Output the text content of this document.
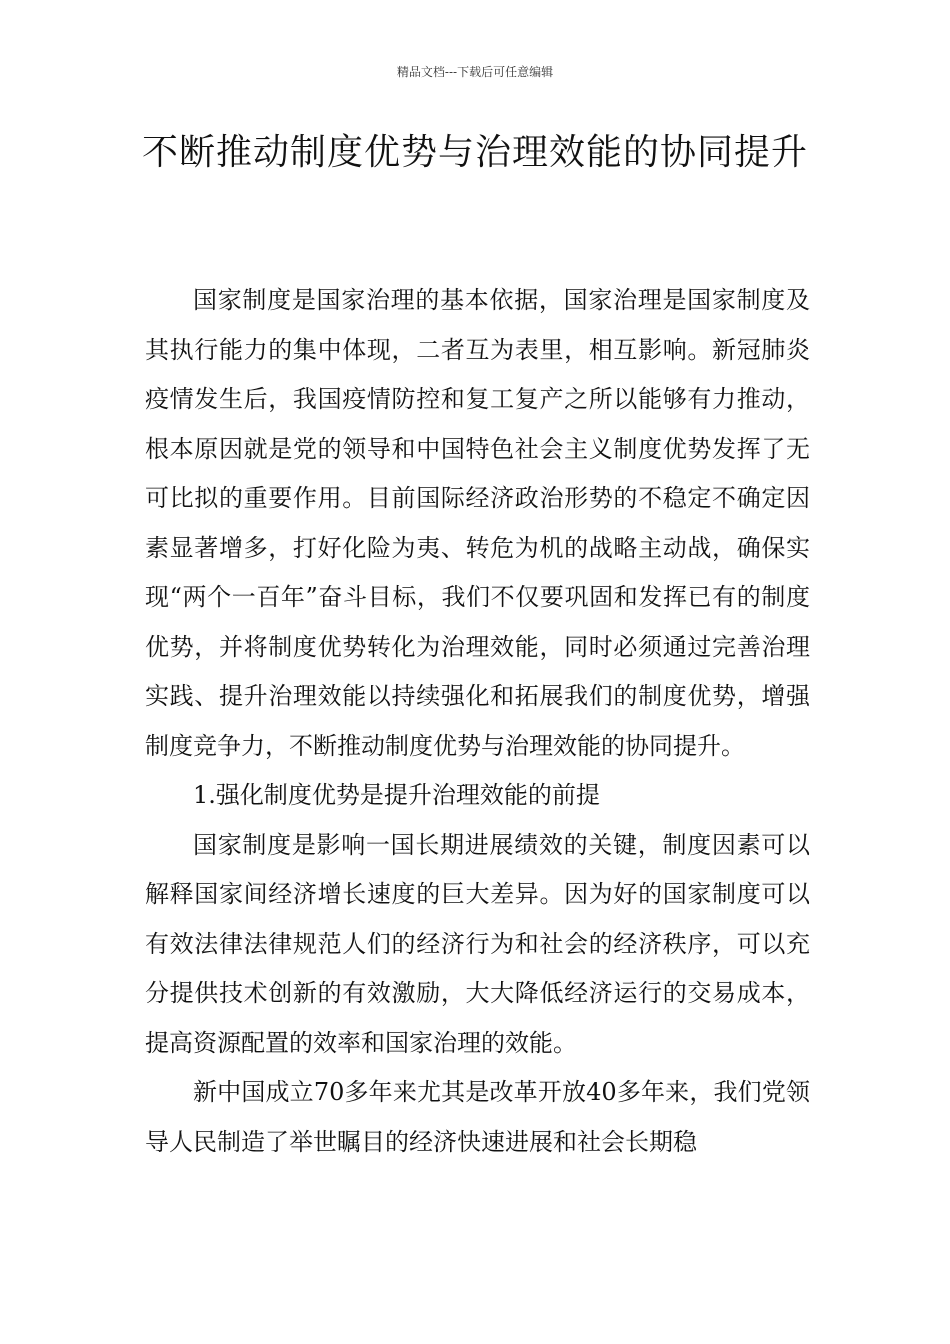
精品文档---下载后可任意编辑
不断推动制度优势与治理效能的协同提升

国家制度是国家治理的基本依据，国家治理是国家制度及其执行能力的集中体现，二者互为表里，相互影响。新冠肺炎疫情发生后，我国疫情防控和复工复产之所以能够有力推动，根本原因就是党的领导和中国特色社会主义制度优势发挥了无可比拟的重要作用。目前国际经济政治形势的不稳定不确定因素显著增多，打好化险为夷、转危为机的战略主动战，确保实现“两个一百年”奋斗目标，我们不仅要巩固和发挥已有的制度优势，并将制度优势转化为治理效能，同时必须通过完善治理实践、提升治理效能以持续强化和拓展我们的制度优势，增强制度竞争力，不断推动制度优势与治理效能的协同提升。

1.强化制度优势是提升治理效能的前提

国家制度是影响一国长期进展绩效的关键，制度因素可以解释国家间经济增长速度的巨大差异。因为好的国家制度可以有效法律法律规范人们的经济行为和社会的经济秩序，可以充分提供技术创新的有效激励，大大降低经济运行的交易成本，提高资源配置的效率和国家治理的效能。

新中国成立70多年来尤其是改革开放40多年来，我们党领导人民制造了举世瞩目的经济快速进展和社会长期稳
